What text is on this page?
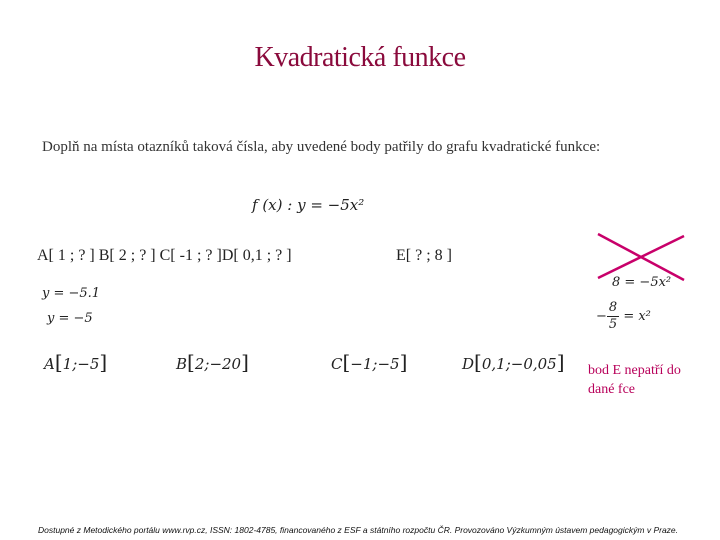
Kvadratická funkce
Doplň na místa otazníků taková čísla, aby uvedené body patřily do grafu kvadratické funkce:
f (x) : y = −5x²
A[ 1 ; ? ] B[ 2 ; ? ] C[ -1 ; ? ]D[ 0,1 ; ? ]	E[ ? ; 8 ]
y = −5.1
y = −5
A[1;−5]	B[2;−20]	C[−1;−5]	D[0,1;−0,05]
8 = −5x²
− $\frac{8}{5} = x^2$
bod E nepatří do dané fce
Dostupné z Metodického portálu www.rvp.cz, ISSN: 1802-4785, financovaného z ESF a státního rozpočtu ČR. Provozováno Výzkumným ústavem pedagogickým v Praze.
